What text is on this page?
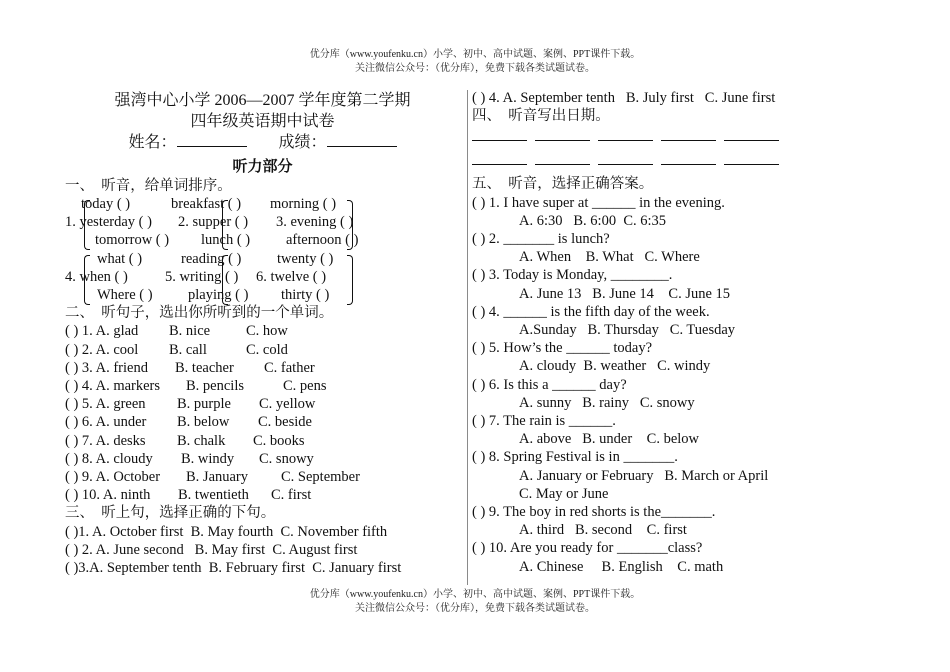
优分库（www.youfenku.cn）小学、初中、高中试题、案例、PPT课件下载。
关注微信公众号：（优分库），免费下载各类试题试卷。
强湾中心小学 2006—2007 学年度第二学期
四年级英语期中试卷
姓名：	成绩：
听力部分
一、　听音，给单词排序。
today ( )	breakfast ( ) morning ( )
1. yesterday ( ) 2. supper ( ) 3. evening ( )
tomorrow ( ) lunch ( ) afternoon ( )
what ( )	reading ( ) twenty ( )
4. when ( )	5. writing ( ) 6. twelve ( )
Where ( ) playing ( ) thirty ( )
二、　听句子，选出你所听到的一个单词。
( ) 1. A. glad B. nice C. how
( ) 2. A. cool B. call	C. cold
( ) 3. A. friend B. teacher C. father
( ) 4. A. markers B. pencils	C. pens
( ) 5. A. green B. purple C. yellow
( ) 6. A. under B. below C. beside
( ) 7. A. desks B. chalk C. books
( ) 8. A. cloudy B. windy C. snowy
( ) 9. A. October B. January C. September
( ) 10. A. ninth B. twentieth C. first
三、　听上句，选择正确的下句。
( )1. A. October first  B. May fourth  C. November fifth
( ) 2. A. June second   B. May first  C. August first
( )3.A. September tenth  B. February first  C. January first
( ) 4. A. September tenth   B. July first   C. June first
四、　听音写出日期。
五、　听音，选择正确答案。
( ) 1. I have super at ______ in the evening.
A. 6:30   B. 6:00  C. 6:35
( ) 2. _______ is lunch?
A. When    B. What   C. Where
( ) 3. Today is Monday, ________.
A. June 13   B. June 14    C. June 15
( ) 4. ______ is the fifth day of the week.
A.Sunday   B. Thursday   C. Tuesday
( ) 5. How’s the ______ today?
A. cloudy  B. weather   C. windy
( ) 6. Is this a ______ day?
A. sunny   B. rainy   C. snowy
( ) 7. The rain is ______.
A. above   B. under    C. below
( ) 8. Spring Festival is in _______.
A. January or February   B. March or April
C. May or June
( ) 9. The boy in red shorts is the_______.
A. third   B. second    C. first
( ) 10. Are you ready for _______class?
A. Chinese     B. English    C. math
优分库（www.youfenku.cn）小学、初中、高中试题、案例、PPT课件下载。
关注微信公众号：（优分库），免费下载各类试题试卷。
